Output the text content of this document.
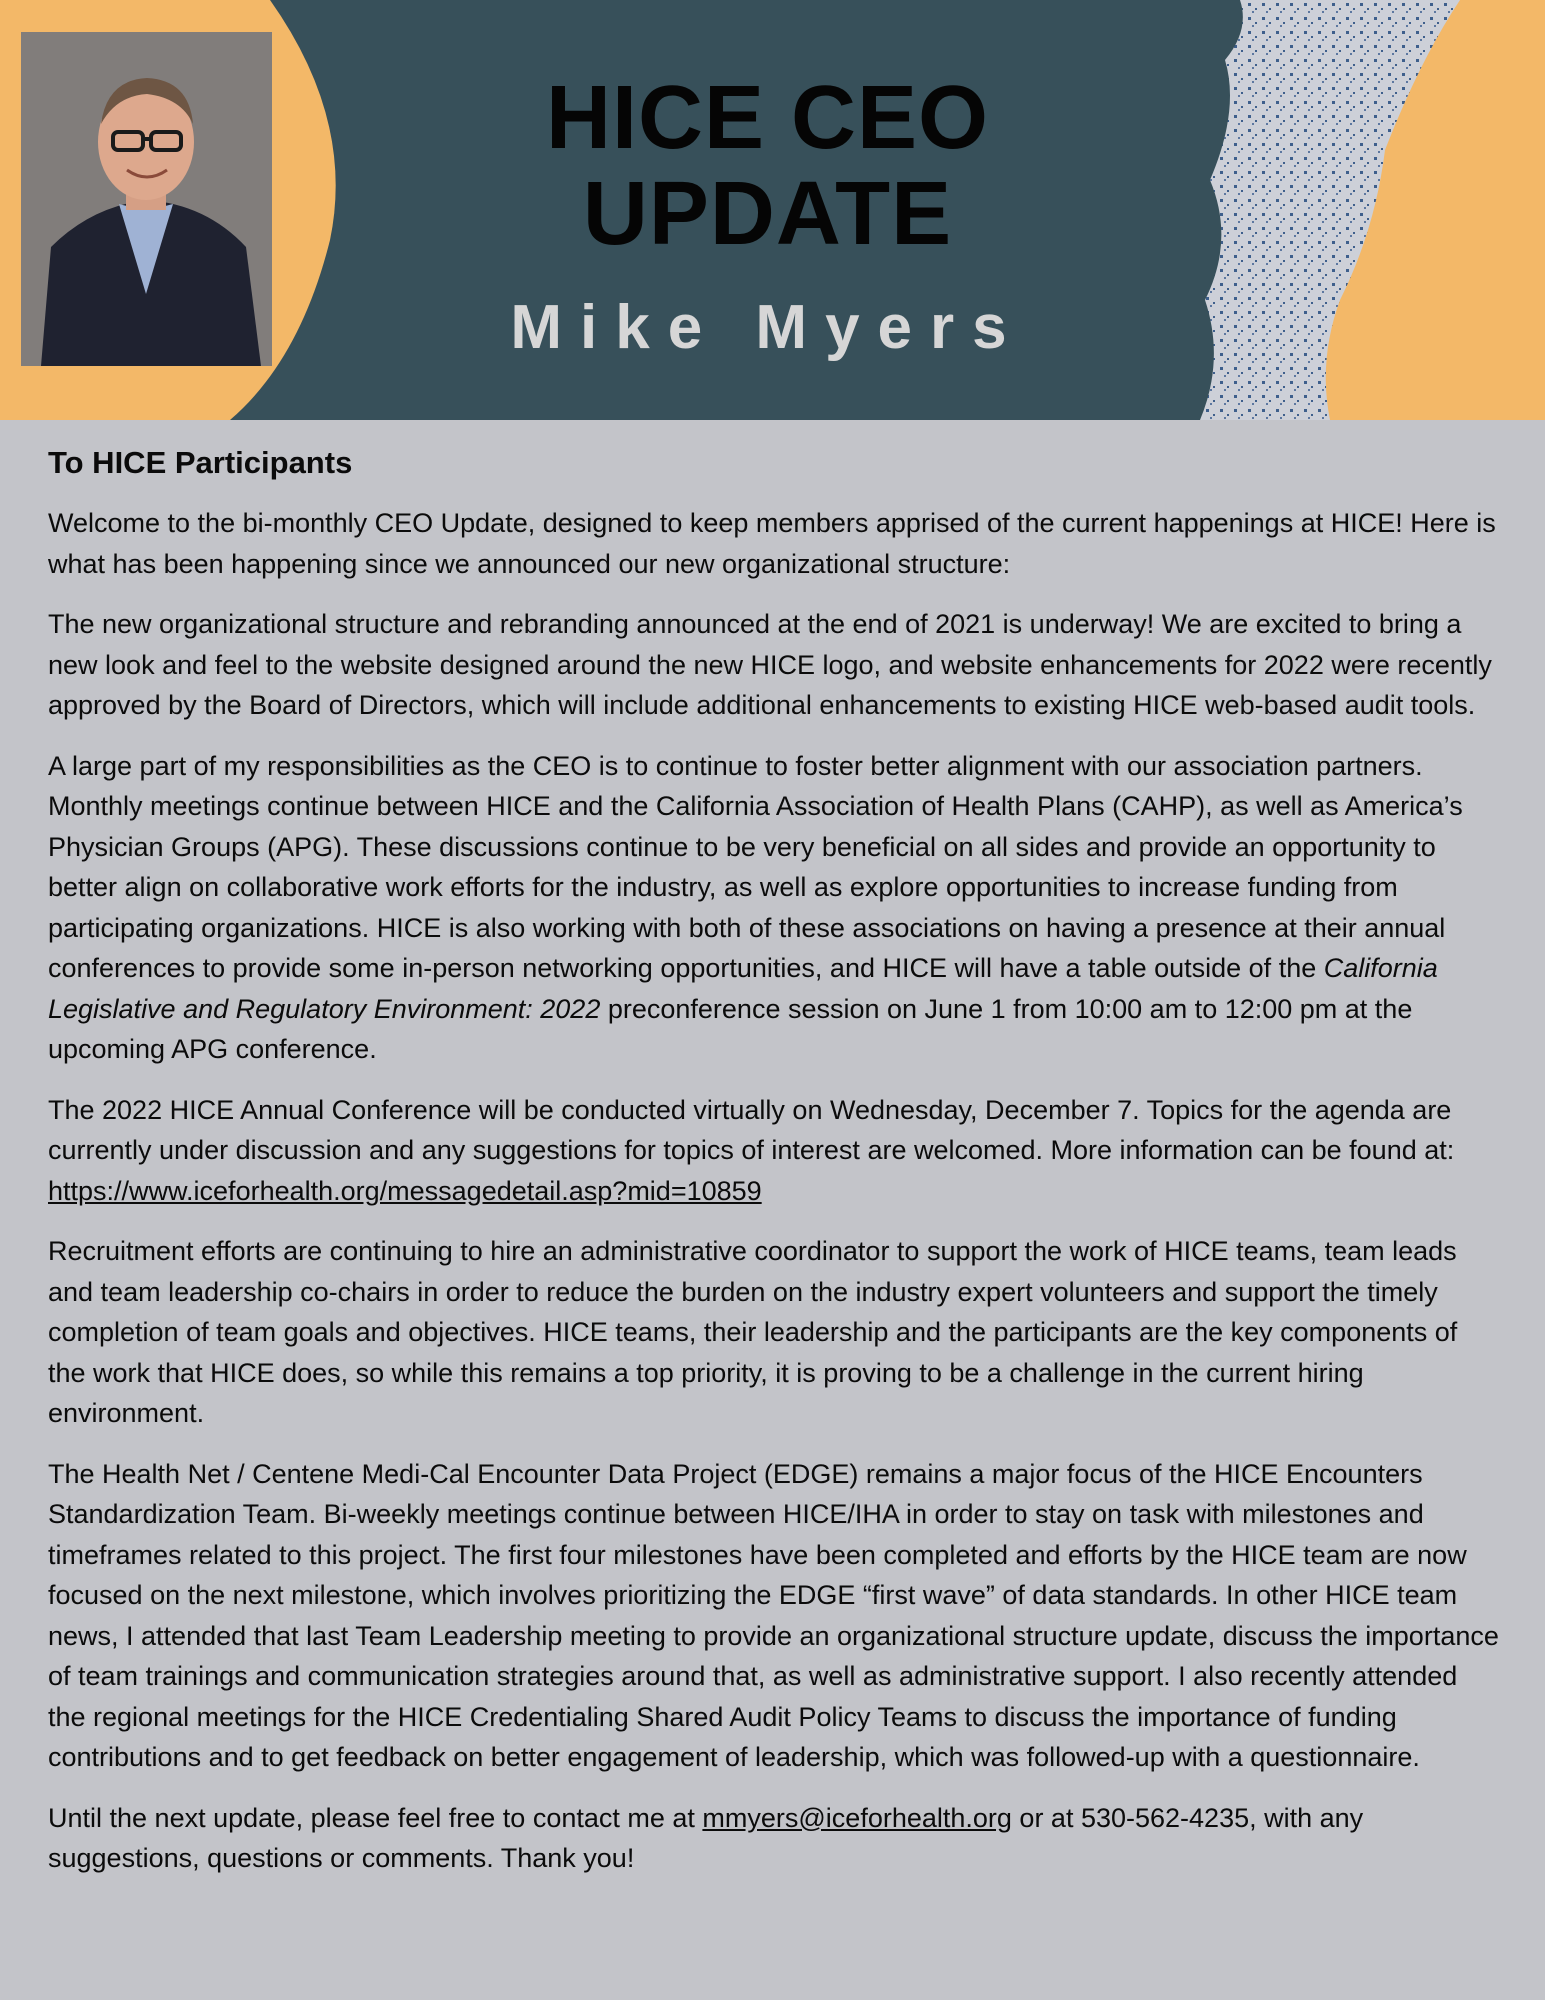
HICE CEO
UPDATE
Mike Myers
To HICE Participants

Welcome to the bi-monthly CEO Update, designed to keep members apprised of the current happenings at HICE! Here is what has been happening since we announced our new organizational structure:

The new organizational structure and rebranding announced at the end of 2021 is underway! We are excited to bring a new look and feel to the website designed around the new HICE logo, and website enhancements for 2022 were recently approved by the Board of Directors, which will include additional enhancements to existing HICE web-based audit tools.

A large part of my responsibilities as the CEO is to continue to foster better alignment with our association partners. Monthly meetings continue between HICE and the California Association of Health Plans (CAHP), as well as America’s Physician Groups (APG). These discussions continue to be very beneficial on all sides and provide an opportunity to better align on collaborative work efforts for the industry, as well as explore opportunities to increase funding from participating organizations. HICE is also working with both of these associations on having a presence at their annual conferences to provide some in-person networking opportunities, and HICE will have a table outside of the California Legislative and Regulatory Environment: 2022 preconference session on June 1 from 10:00 am to 12:00 pm at the upcoming APG conference.

The 2022 HICE Annual Conference will be conducted virtually on Wednesday, December 7. Topics for the agenda are currently under discussion and any suggestions for topics of interest are welcomed. More information can be found at: https://www.iceforhealth.org/messagedetail.asp?mid=10859

Recruitment efforts are continuing to hire an administrative coordinator to support the work of HICE teams, team leads and team leadership co-chairs in order to reduce the burden on the industry expert volunteers and support the timely completion of team goals and objectives. HICE teams, their leadership and the participants are the key components of the work that HICE does, so while this remains a top priority, it is proving to be a challenge in the current hiring environment.

The Health Net / Centene Medi-Cal Encounter Data Project (EDGE) remains a major focus of the HICE Encounters Standardization Team. Bi-weekly meetings continue between HICE/IHA in order to stay on task with milestones and timeframes related to this project. The first four milestones have been completed and efforts by the HICE team are now focused on the next milestone, which involves prioritizing the EDGE “first wave” of data standards. In other HICE team news, I attended that last Team Leadership meeting to provide an organizational structure update, discuss the importance of team trainings and communication strategies around that, as well as administrative support. I also recently attended the regional meetings for the HICE Credentialing Shared Audit Policy Teams to discuss the importance of funding contributions and to get feedback on better engagement of leadership, which was followed-up with a questionnaire.

Until the next update, please feel free to contact me at mmyers@iceforhealth.org or at 530-562-4235, with any suggestions, questions or comments. Thank you!
